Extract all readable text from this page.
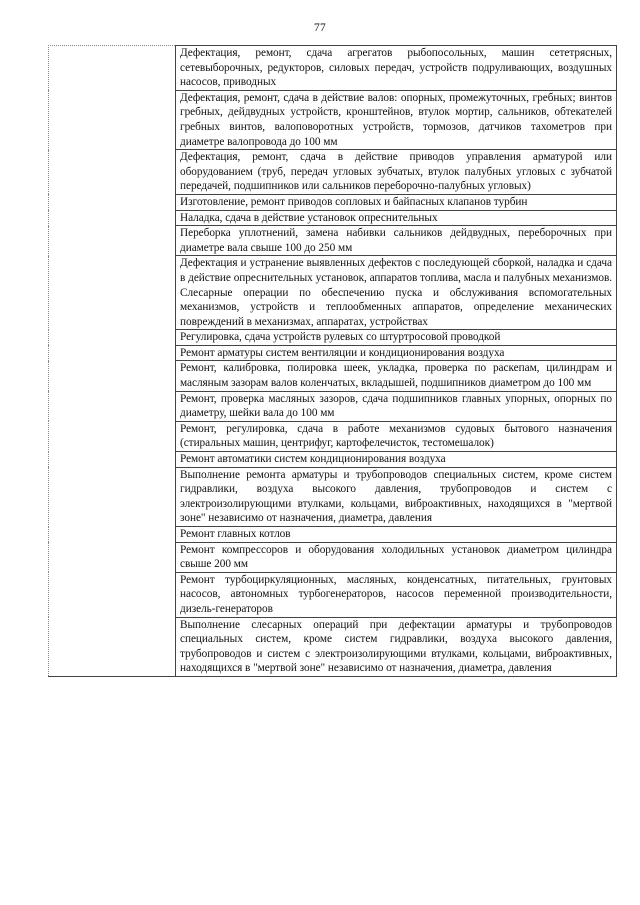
77

Дефектация, ремонт, сдача агрегатов рыбопосольных, машин сететрясных, сетевыборочных, редукторов, силовых передач, устройств подруливающих, воздушных насосов, приводных

Дефектация, ремонт, сдача в действие валов: опорных, промежуточных, гребных; винтов гребных, дейдвудных устройств, кронштейнов, втулок мортир, сальников, обтекателей гребных винтов, валоповоротных устройств, тормозов, датчиков тахометров при диаметре валопровода до 100 мм

Дефектация, ремонт, сдача в действие приводов управления арматурой или оборудованием (труб, передач угловых зубчатых, втулок палубных угловых с зубчатой передачей, подшипников или сальников переборочно-палубных угловых)

Изготовление, ремонт приводов сопловых и байпасных клапанов турбин

Наладка, сдача в действие установок опреснительных

Переборка уплотнений, замена набивки сальников дейдвудных, переборочных при диаметре вала свыше 100 до 250 мм

Дефектация и устранение выявленных дефектов с последующей сборкой, наладка и сдача в действие опреснительных установок, аппаратов топлива, масла и палубных механизмов. Слесарные операции по обеспечению пуска и обслуживания вспомогательных механизмов, устройств и теплообменных аппаратов, определение механических повреждений в механизмах, аппаратах, устройствах

Регулировка, сдача устройств рулевых со штуртросовой проводкой

Ремонт арматуры систем вентиляции и кондиционирования воздуха

Ремонт, калибровка, полировка шеек, укладка, проверка по раскепам, цилиндрам и масляным зазорам валов коленчатых, вкладышей, подшипников диаметром до 100 мм

Ремонт, проверка масляных зазоров, сдача подшипников главных упорных, опорных по диаметру, шейки вала до 100 мм

Ремонт, регулировка, сдача в работе механизмов судовых бытового назначения (стиральных машин, центрифуг, картофелечисток, тестомешалок)

Ремонт автоматики систем кондиционирования воздуха

Выполнение ремонта арматуры и трубопроводов специальных систем, кроме систем гидравлики, воздуха высокого давления, трубопроводов и систем с электроизолирующими втулками, кольцами, виброактивных, находящихся в "мертвой зоне" независимо от назначения, диаметра, давления

Ремонт главных котлов

Ремонт компрессоров и оборудования холодильных установок диаметром цилиндра свыше 200 мм

Ремонт турбоциркуляционных, масляных, конденсатных, питательных, грунтовых насосов, автономных турбогенераторов, насосов переменной производительности, дизель-генераторов

Выполнение слесарных операций при дефектации арматуры и трубопроводов специальных систем, кроме систем гидравлики, воздуха высокого давления, трубопроводов и систем с электроизолирующими втулками, кольцами, виброактивных, находящихся в "мертвой зоне" независимо от назначения, диаметра, давления
